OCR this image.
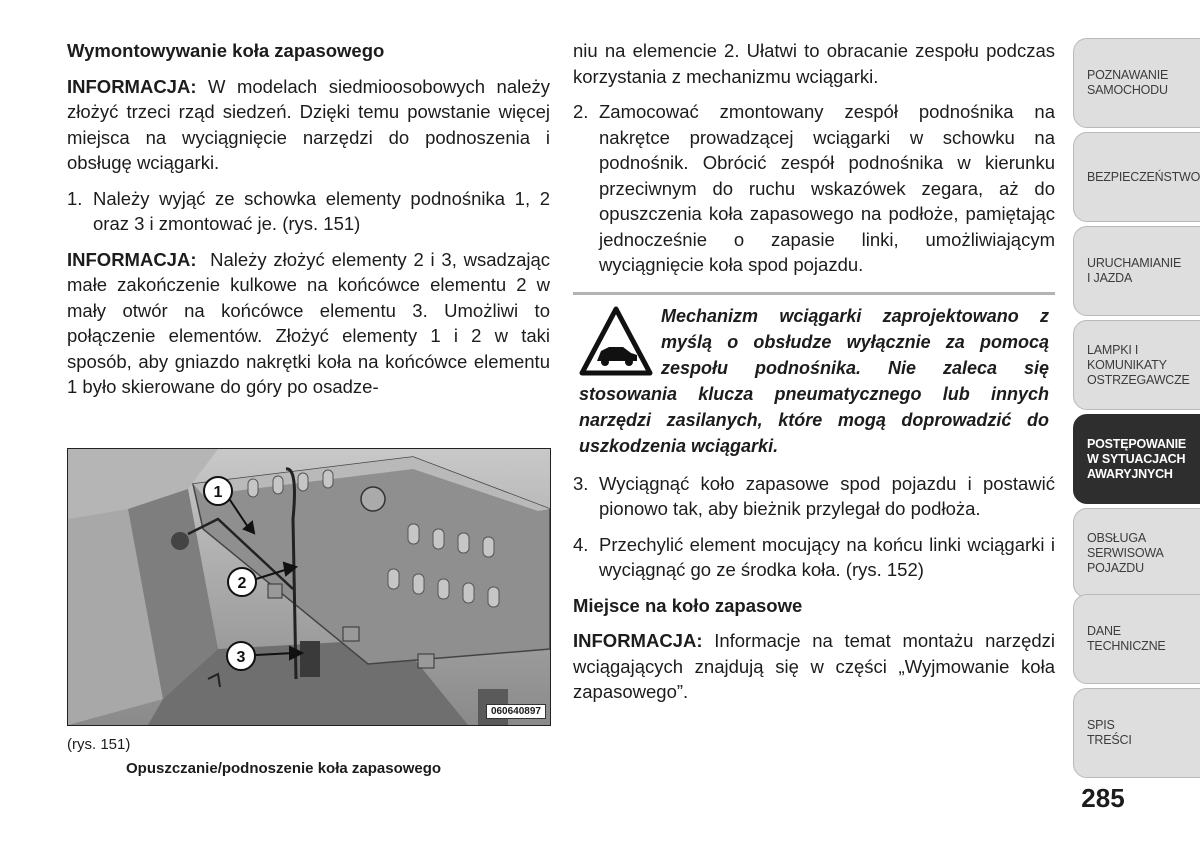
Wymontowywanie koła zapasowego

INFORMACJA: W modelach siedmioosobowych należy złożyć trzeci rząd siedzeń. Dzięki temu powstanie więcej miejsca na wyciągnięcie narzędzi do podnoszenia i obsługę wciągarki.

1. Należy wyjąć ze schowka elementy podnośnika 1, 2 oraz 3 i zmontować je. (rys. 151)

INFORMACJA: Należy złożyć elementy 2 i 3, wsadzając małe zakończenie kulkowe na końcówce elementu 2 w mały otwór na końcówce elementu 3. Umożliwi to połączenie elementów. Złożyć elementy 1 i 2 w taki sposób, aby gniazdo nakrętki koła na końcówce elementu 1 było skierowane do góry po osadze-

1
2
3
060640897
(rys. 151)
Opuszczanie/podnoszenie koła zapasowego

niu na elemencie 2. Ułatwi to obracanie zespołu podczas korzystania z mechanizmu wciągarki.

2. Zamocować zmontowany zespół podnośnika na nakrętce prowadzącej wciągarki w schowku na podnośnik. Obrócić zespół podnośnika w kierunku przeciwnym do ruchu wskazówek zegara, aż do opuszczenia koła zapasowego na podłoże, pamiętając jednocześnie o zapasie linki, umożliwiającym wyciągnięcie koła spod pojazdu.
Mechanizm wciągarki zaprojektowano z myślą o obsłudze wyłącznie za pomocą zespołu podnośnika. Nie zaleca się stosowania klucza pneumatycznego lub innych narzędzi zasilanych, które mogą doprowadzić do uszkodzenia wciągarki.
3. Wyciągnąć koło zapasowe spod pojazdu i postawić pionowo tak, aby bieżnik przylegał do podłoża.
4. Przechylić element mocujący na końcu linki wciągarki i wyciągnąć go ze środka koła. (rys. 152)
Miejsce na koło zapasowe

INFORMACJA: Informacje na temat montażu narzędzi wciągających znajdują się w części „Wyjmowanie koła zapasowego”.

POZNAWANIE
SAMOCHODU
BEZPIECZEŃSTWO
URUCHAMIANIE
I JAZDA
LAMPKI I
KOMUNIKATY
OSTRZEGAWCZE
POSTĘPOWANIE
W SYTUACJACH
AWARYJNYCH
OBSŁUGA
SERWISOWA
POJAZDU
DANE
TECHNICZNE
SPIS
TREŚCI
285
